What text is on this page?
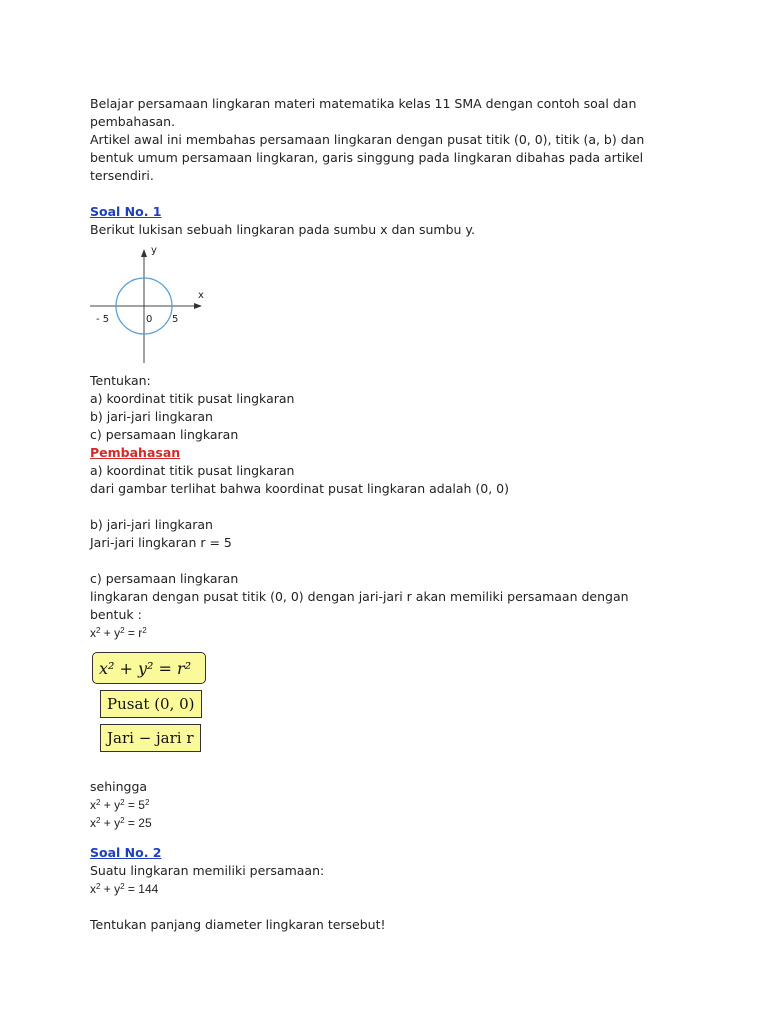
Belajar persamaan lingkaran materi matematika kelas 11 SMA dengan contoh soal dan
pembahasan.
Artikel awal ini membahas persamaan lingkaran dengan pusat titik (0, 0), titik (a, b) dan
bentuk umum persamaan lingkaran, garis singgung pada lingkaran dibahas pada artikel
tersendiri.
Soal No. 1
Berikut lukisan sebuah lingkaran pada sumbu x dan sumbu y.
y
x
- 5	0 5
Tentukan:
a) koordinat titik pusat lingkaran
b) jari-jari lingkaran
c) persamaan lingkaran
Pembahasan
a) koordinat titik pusat lingkaran
dari gambar terlihat bahwa koordinat pusat lingkaran adalah (0, 0)
b) jari-jari lingkaran
Jari-jari lingkaran r = 5
c) persamaan lingkaran
lingkaran dengan pusat titik (0, 0) dengan jari-jari r akan memiliki persamaan dengan
bentuk :
$x^2 + y^2 = r^2$
x² + y² = r²
Pusat (0, 0)
Jari − jari r
sehingga
$x^2 + y^2 = 5^2$
$x^2 + y^2 = 25$
Soal No. 2
Suatu lingkaran memiliki persamaan:
$x^2 + y^2 = 144$
Tentukan panjang diameter lingkaran tersebut!
